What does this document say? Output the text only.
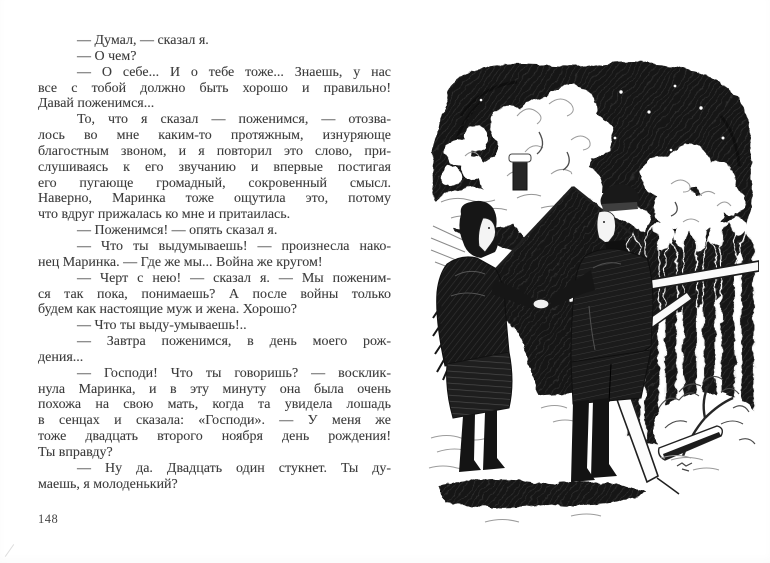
— Думал, — сказал я.
— О чем?
— О себе... И о тебе тоже... Знаешь, у нас
все с тобой должно быть хорошо и правильно!
Давай поженимся...
То, что я сказал — поженимся, — отозва-
лось во мне каким-то протяжным, изнуряюще
благостным звоном, и я повторил это слово, при-
слушиваясь к его звучанию и впервые постигая
его пугающе громадный, сокровенный смысл.
Наверно, Маринка тоже ощутила это, потому
что вдруг прижалась ко мне и притаилась.
— Поженимся! — опять сказал я.
— Что ты выдумываешь! — произнесла нако-
нец Маринка. — Где же мы... Война же кругом!
— Черт с нею! — сказал я. — Мы поженим-
ся так пока, понимаешь? А после войны только
будем как настоящие муж и жена. Хорошо?
— Что ты выду-умываешь!..
— Завтра поженимся, в день моего рож-
дения...
— Господи! Что ты говоришь? — восклик-
нула Маринка, и в эту минуту она была очень
похожа на свою мать, когда та увидела лошадь
в сенцах и сказала: «Господи». — У меня же
тоже двадцать второго ноября день рождения!
Ты вправду?
— Ну да. Двадцать один стукнет. Ты ду-
маешь, я молоденький?
148
